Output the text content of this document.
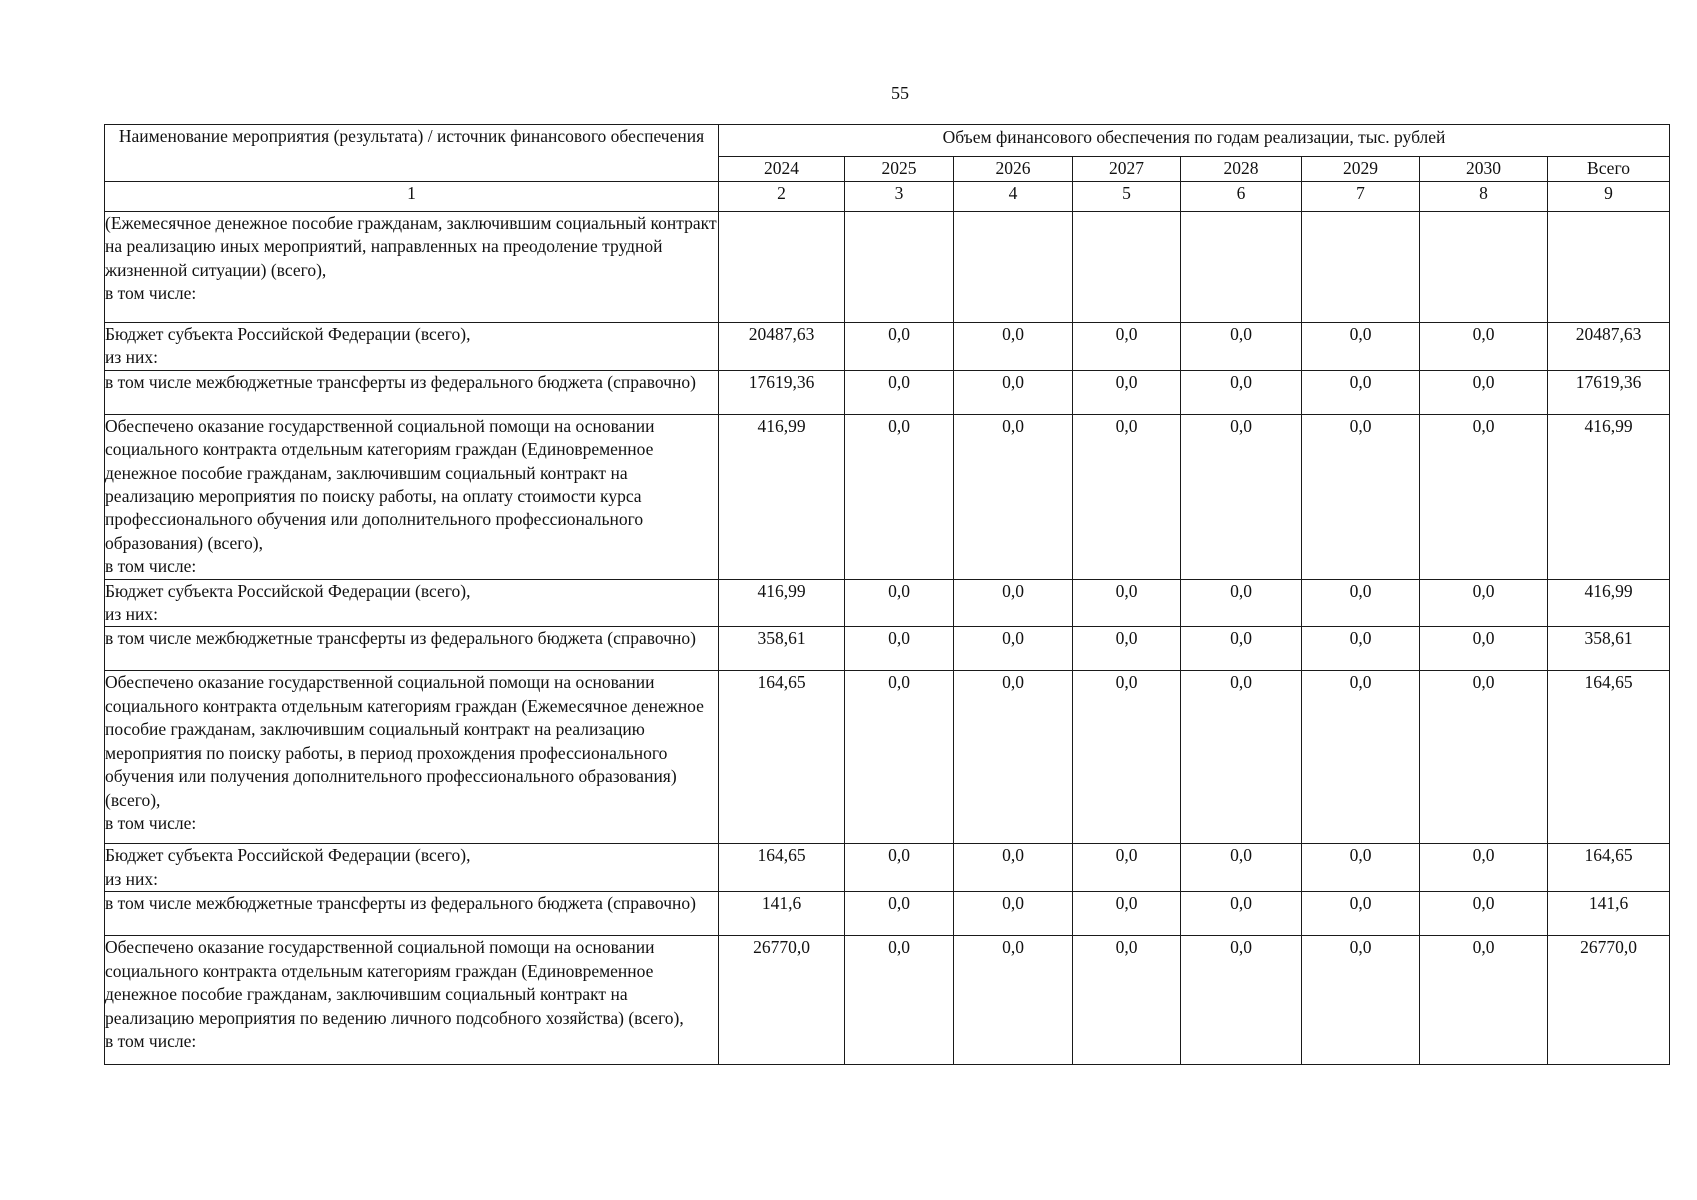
55
Наименование мероприятия (результата) / источник финансового обеспечения	Объем финансового обеспечения по годам реализации, тыс. рублей							
	2024	2025	2026	2027	2028	2029	2030	Всего
1	2	3	4	5	6	7	8	9
(Ежемесячное денежное пособие гражданам, заключившим социальный контракт на реализацию иных мероприятий, направленных на преодоление трудной жизненной ситуации) (всего),
в том числе:								
Бюджет субъекта Российской Федерации (всего),
из них:	20487,63	0,0	0,0	0,0	0,0	0,0	0,0	20487,63
в том числе межбюджетные трансферты из федерального бюджета (справочно)	17619,36	0,0	0,0	0,0	0,0	0,0	0,0	17619,36
Обеспечено оказание государственной социальной помощи на основании социального контракта отдельным категориям граждан (Единовременное денежное пособие гражданам, заключившим социальный контракт на реализацию мероприятия по поиску работы, на оплату стоимости курса профессионального обучения или дополнительного профессионального образования) (всего),
в том числе:	416,99	0,0	0,0	0,0	0,0	0,0	0,0	416,99
Бюджет субъекта Российской Федерации (всего),
из них:	416,99	0,0	0,0	0,0	0,0	0,0	0,0	416,99
в том числе межбюджетные трансферты из федерального бюджета (справочно)	358,61	0,0	0,0	0,0	0,0	0,0	0,0	358,61
Обеспечено оказание государственной социальной помощи на основании социального контракта отдельным категориям граждан (Ежемесячное денежное пособие гражданам, заключившим социальный контракт на реализацию мероприятия по поиску работы, в период прохождения профессионального обучения или получения дополнительного профессионального образования) (всего),
в том числе:	164,65	0,0	0,0	0,0	0,0	0,0	0,0	164,65
Бюджет субъекта Российской Федерации (всего),
из них:	164,65	0,0	0,0	0,0	0,0	0,0	0,0	164,65
в том числе межбюджетные трансферты из федерального бюджета (справочно)	141,6	0,0	0,0	0,0	0,0	0,0	0,0	141,6
Обеспечено оказание государственной социальной помощи на основании социального контракта отдельным категориям граждан (Единовременное денежное пособие гражданам, заключившим социальный контракт на реализацию мероприятия по ведению личного подсобного хозяйства) (всего),
в том числе:	26770,0	0,0	0,0	0,0	0,0	0,0	0,0	26770,0
